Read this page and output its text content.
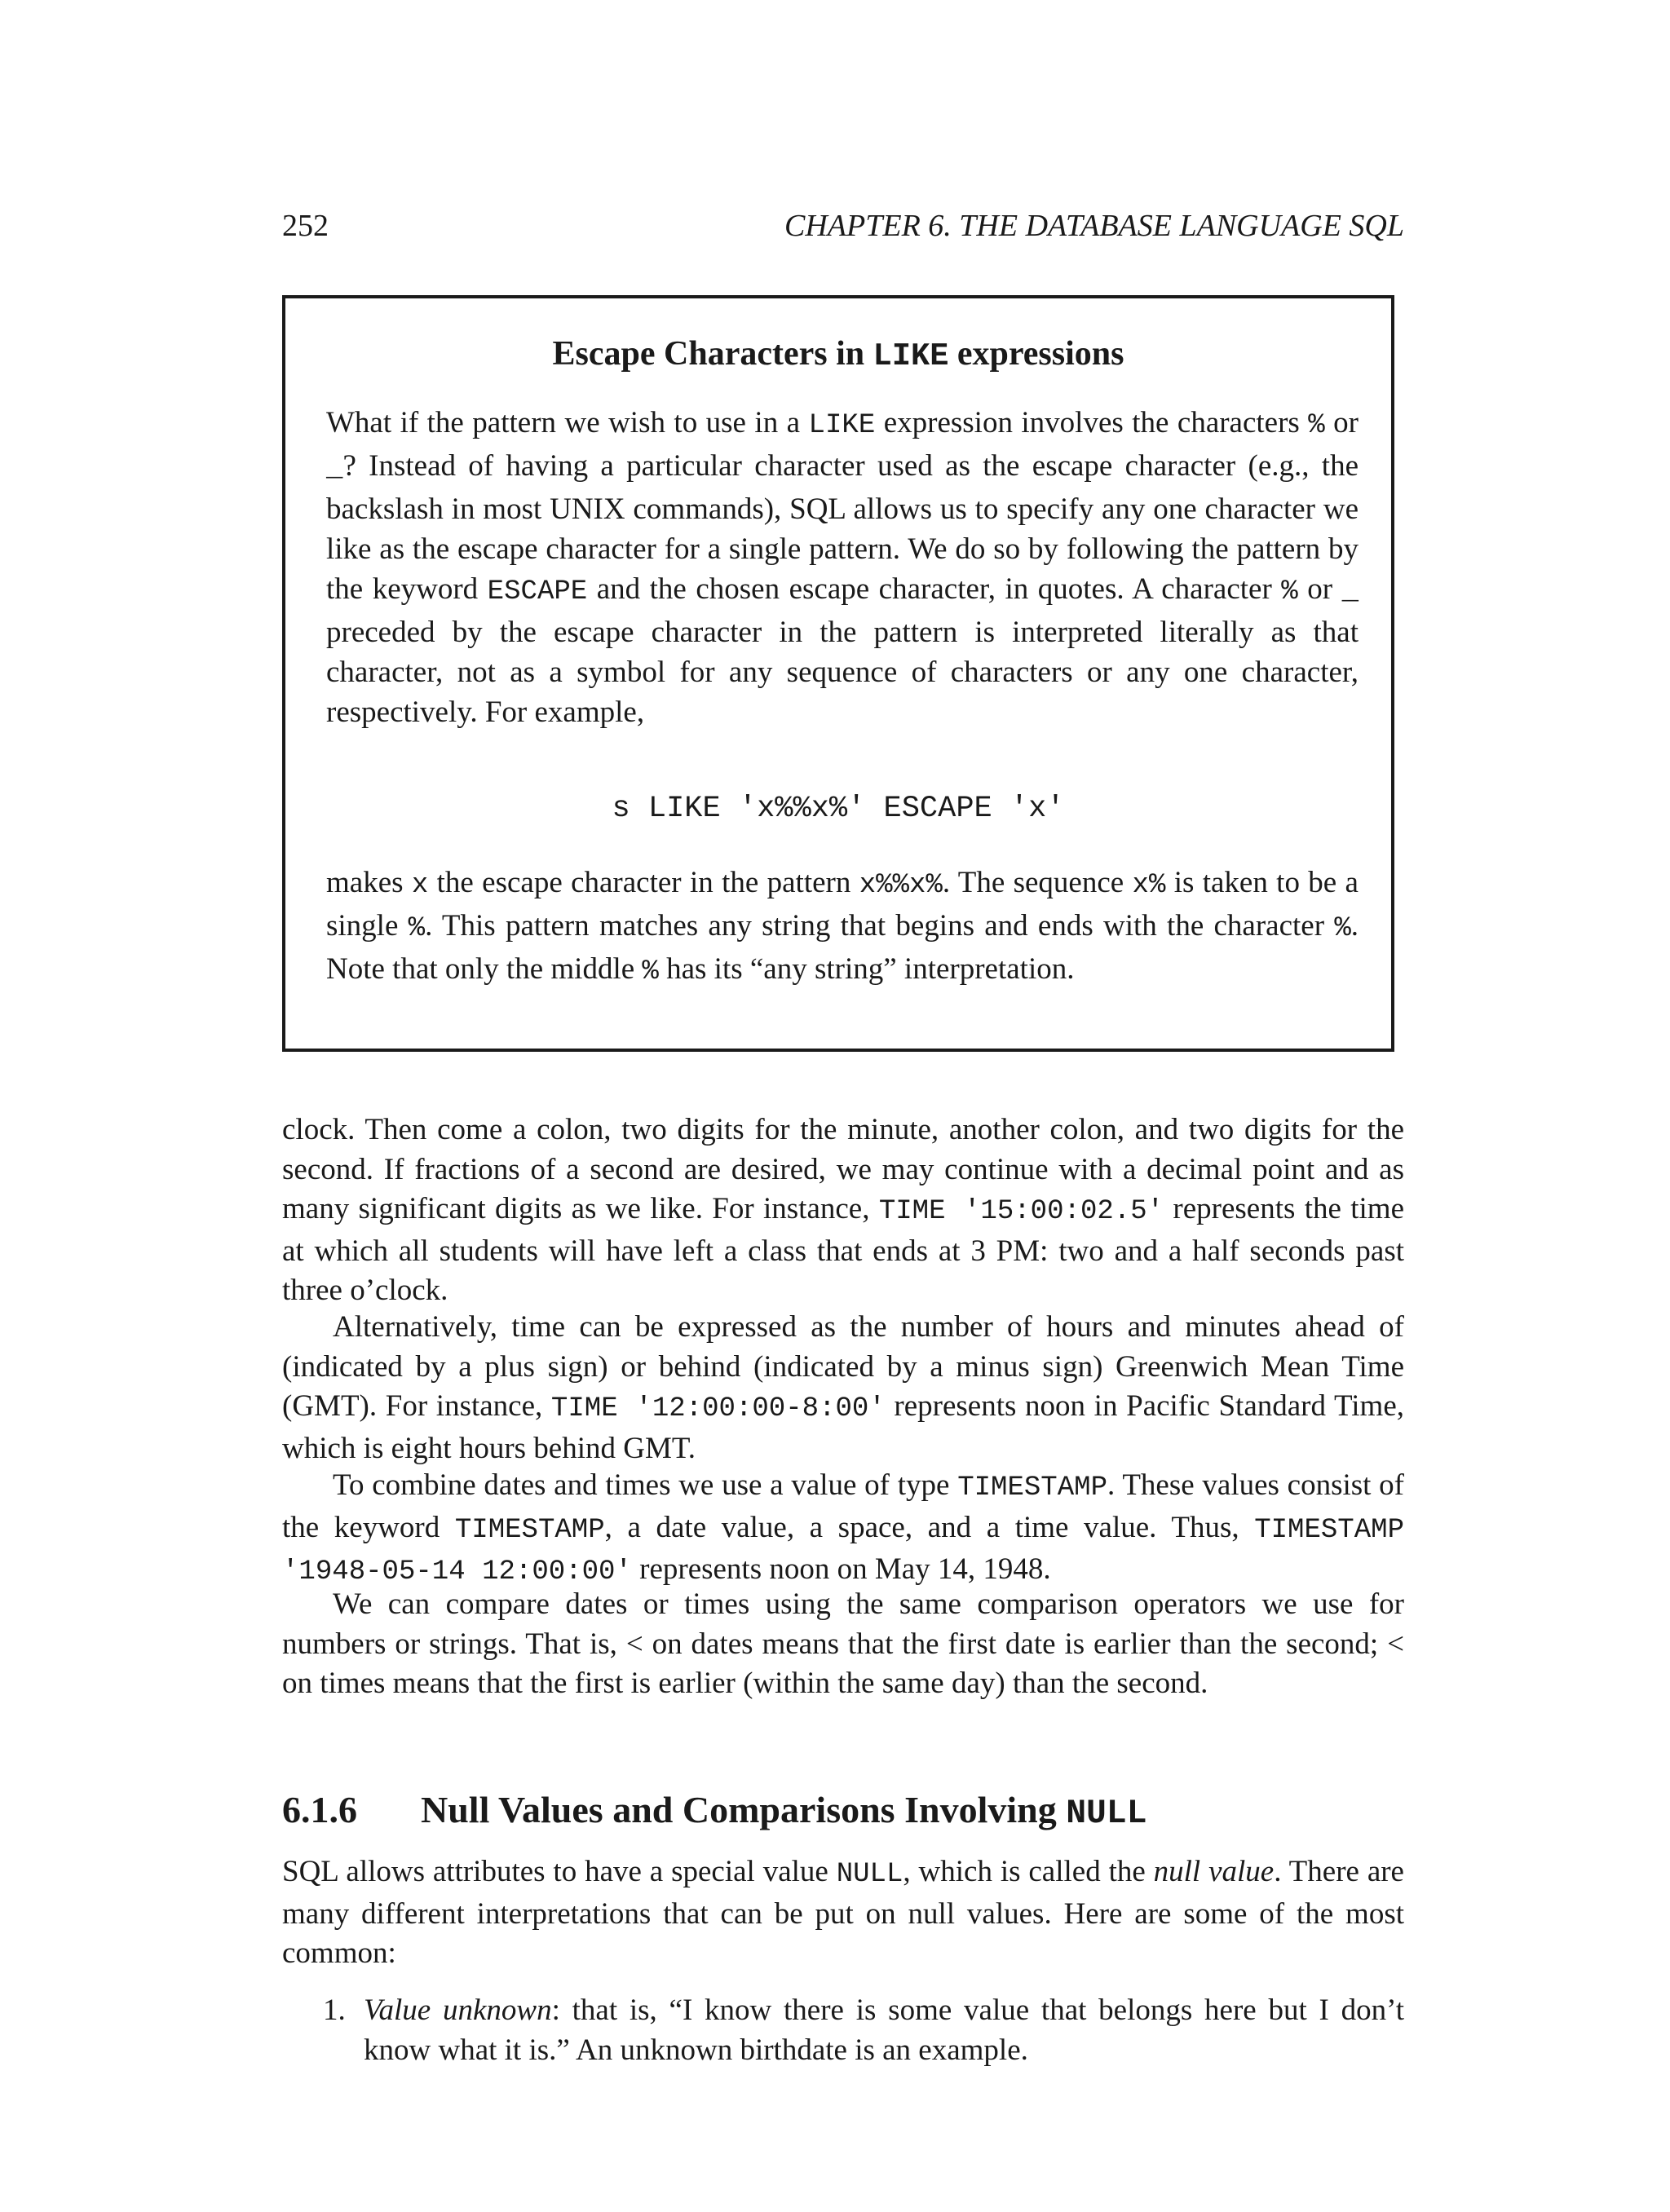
252	CHAPTER 6. THE DATABASE LANGUAGE SQL
Escape Characters in LIKE expressions

What if the pattern we wish to use in a LIKE expression involves the characters % or _? Instead of having a particular character used as the escape character (e.g., the backslash in most UNIX commands), SQL allows us to specify any one character we like as the escape character for a single pattern. We do so by following the pattern by the keyword ESCAPE and the chosen escape character, in quotes. A character % or _ preceded by the escape character in the pattern is interpreted literally as that character, not as a symbol for any sequence of characters or any one character, respectively. For example,

s LIKE 'x%%x%' ESCAPE 'x'

makes x the escape character in the pattern x%%x%. The sequence x% is taken to be a single %. This pattern matches any string that begins and ends with the character %. Note that only the middle % has its “any string” interpretation.

clock. Then come a colon, two digits for the minute, another colon, and two digits for the second. If fractions of a second are desired, we may continue with a decimal point and as many significant digits as we like. For instance, TIME '15:00:02.5' represents the time at which all students will have left a class that ends at 3 PM: two and a half seconds past three o’clock.

Alternatively, time can be expressed as the number of hours and minutes ahead of (indicated by a plus sign) or behind (indicated by a minus sign) Greenwich Mean Time (GMT). For instance, TIME '12:00:00-8:00' represents noon in Pacific Standard Time, which is eight hours behind GMT.

To combine dates and times we use a value of type TIMESTAMP. These values consist of the keyword TIMESTAMP, a date value, a space, and a time value. Thus, TIMESTAMP '1948-05-14 12:00:00' represents noon on May 14, 1948.

We can compare dates or times using the same comparison operators we use for numbers or strings. That is, < on dates means that the first date is earlier than the second; < on times means that the first is earlier (within the same day) than the second.

6.1.6 Null Values and Comparisons Involving NULL

SQL allows attributes to have a special value NULL, which is called the null value. There are many different interpretations that can be put on null values. Here are some of the most common:

1. Value unknown: that is, “I know there is some value that belongs here but I don’t know what it is.” An unknown birthdate is an example.
